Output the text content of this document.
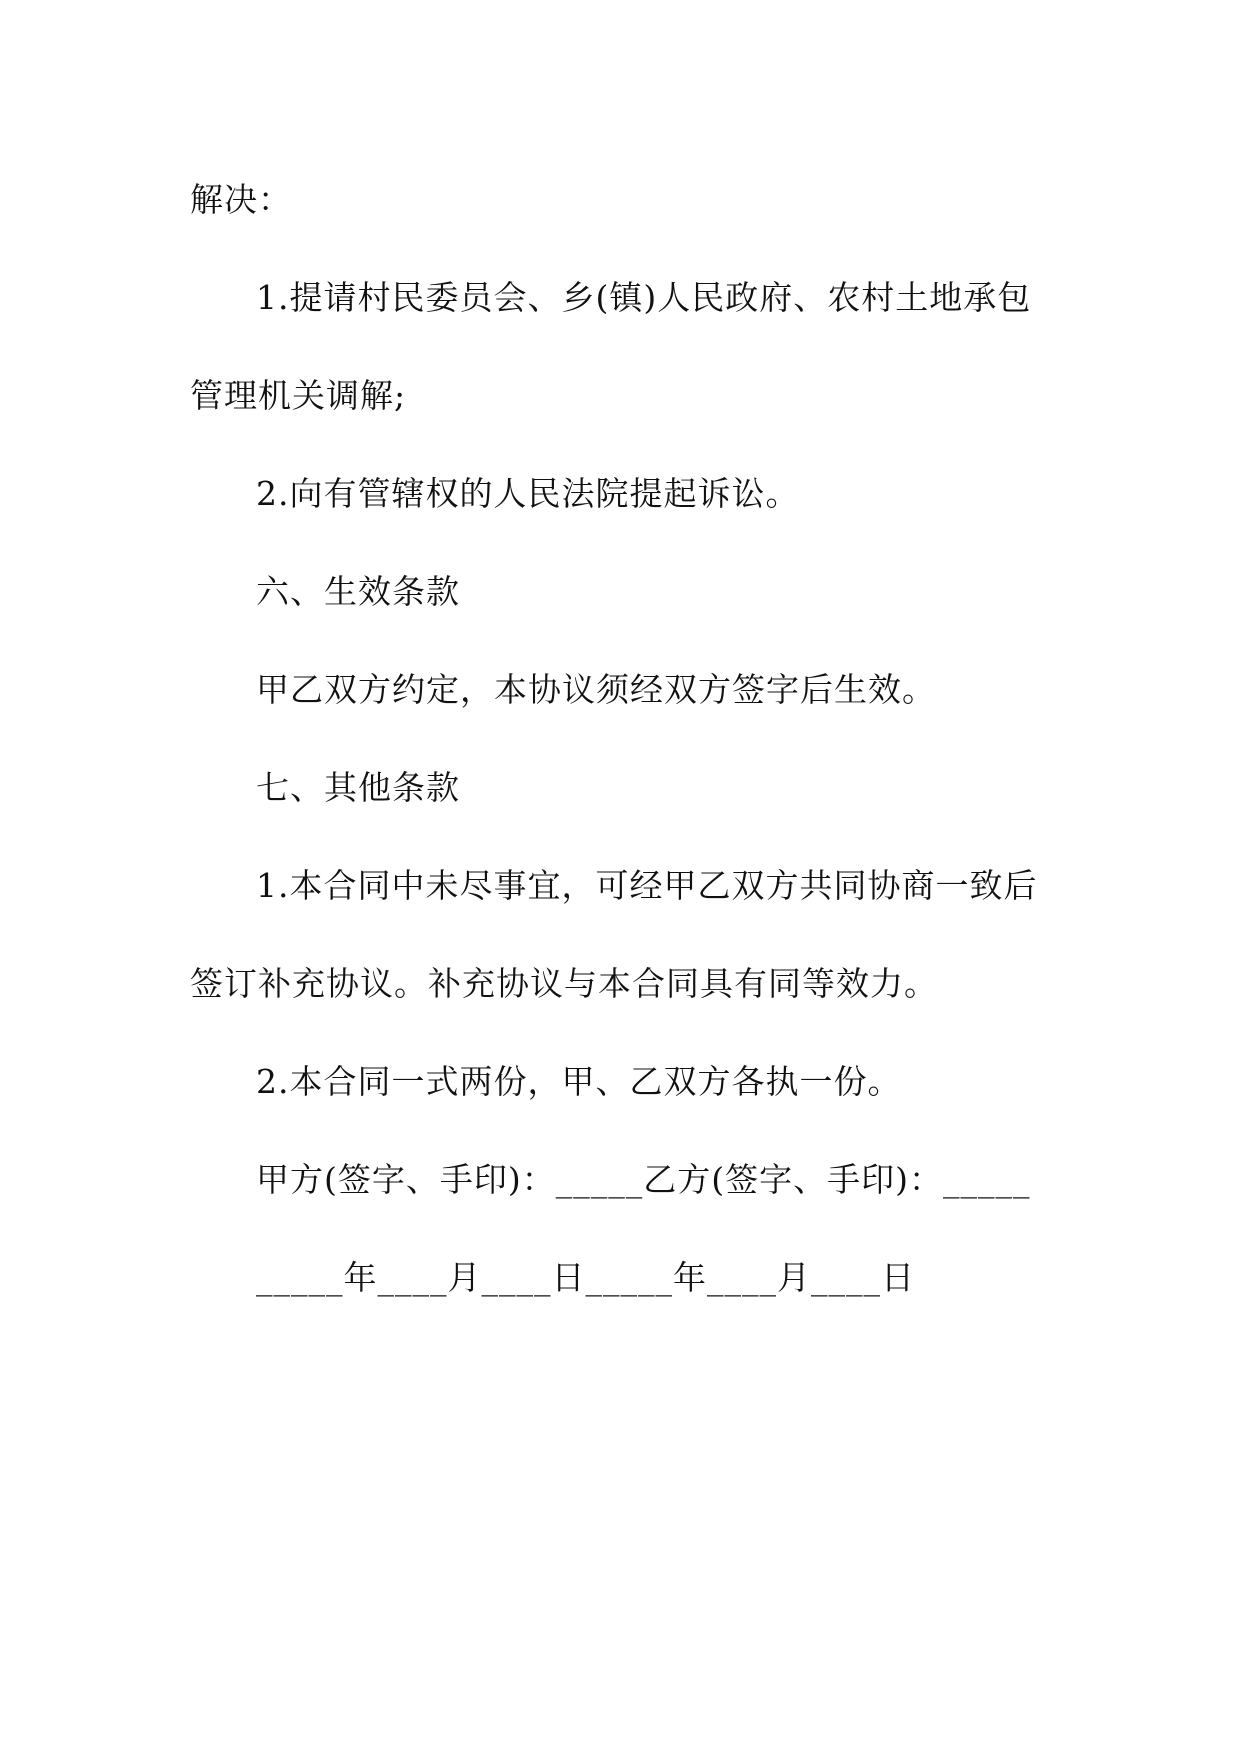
解决：
1.提请村民委员会、乡(镇)人民政府、农村土地承包
管理机关调解;
2.向有管辖权的人民法院提起诉讼。
六、生效条款
甲乙双方约定，本协议须经双方签字后生效。
七、其他条款
1.本合同中未尽事宜，可经甲乙双方共同协商一致后
签订补充协议。补充协议与本合同具有同等效力。
2.本合同一式两份，甲、乙双方各执一份。
甲方(签字、手印)：_____乙方(签字、手印)：_____
_____年____月____日_____年____月____日
